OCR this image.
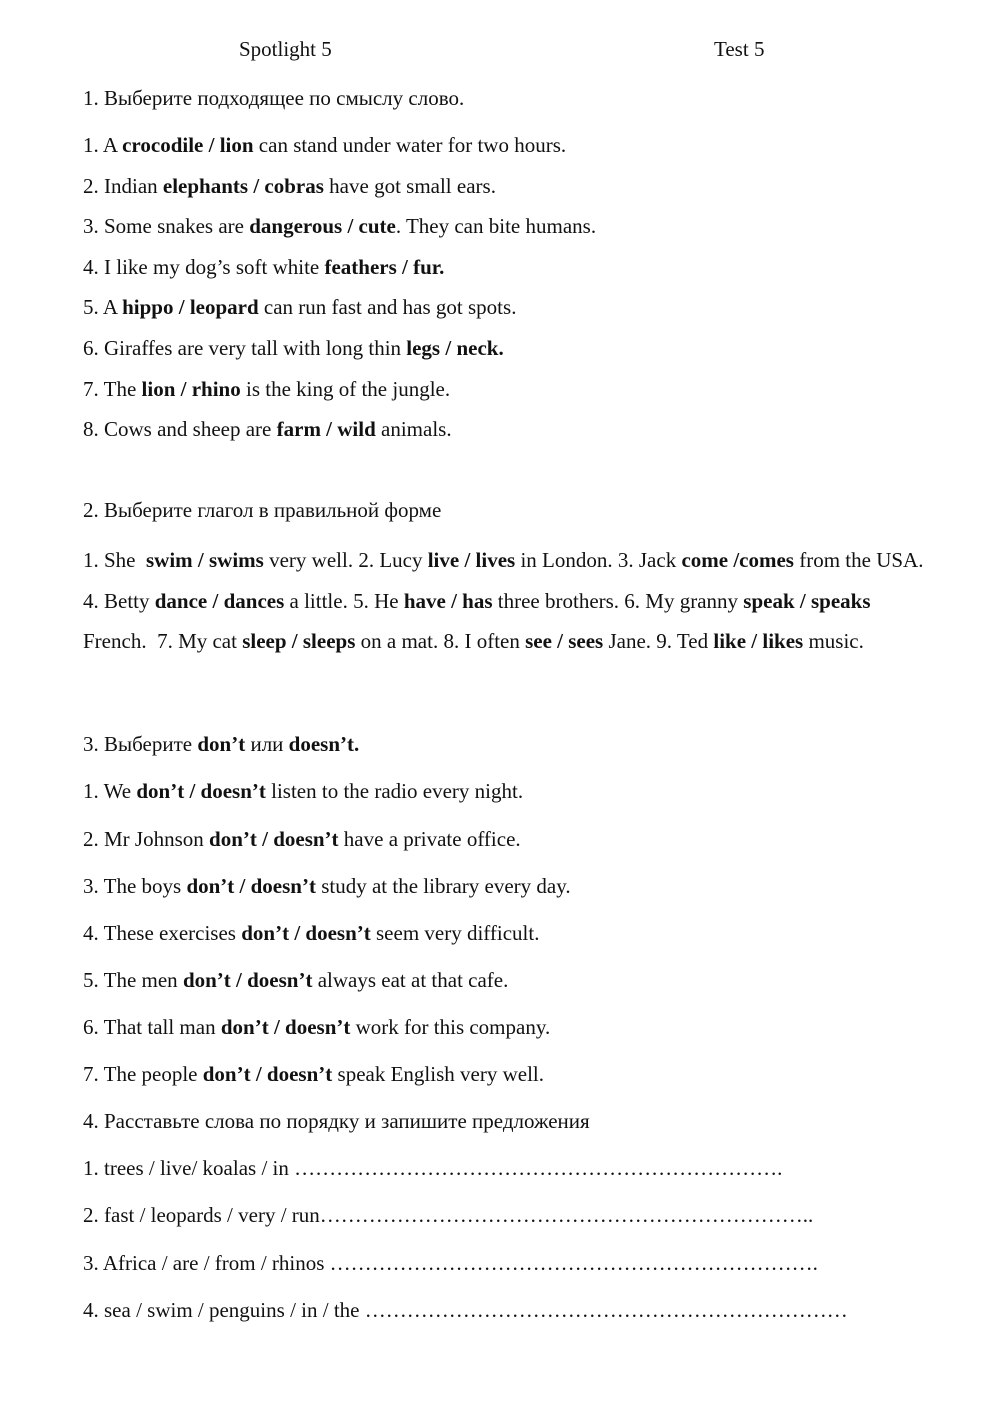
Spotlight 5	Test 5
1. Выберите подходящее по смыслу слово.
1. A crocodile / lion can stand under water for two hours.
2. Indian elephants / cobras have got small ears.
3. Some snakes are dangerous / cute. They can bite humans.
4. I like my dog’s soft white feathers / fur.
5. A hippo / leopard can run fast and has got spots.
6. Giraffes are very tall with long thin legs / neck.
7. The lion / rhino is the king of the jungle.
8. Cows and sheep are farm / wild animals.
2. Выберите глагол в правильной форме
1. She  swim / swims very well. 2. Lucy live / lives in London. 3. Jack come /comes from the USA.      4. Betty dance / dances a little. 5. He have / has three brothers. 6. My granny speak / speaks French.  7. My cat sleep / sleeps on a mat. 8. I often see / sees Jane. 9. Ted like / likes music.
3. Выберите don’t или doesn’t.
1. We don’t / doesn’t listen to the radio every night.
2. Mr Johnson don’t / doesn’t have a private office.
3. The boys don’t / doesn’t study at the library every day.
4. These exercises don’t / doesn’t seem very difficult.
5. The men don’t / doesn’t always eat at that cafe.
6. That tall man don’t / doesn’t work for this company.
7. The people don’t / doesn’t speak English very well.
4. Расставьте слова по порядку и запишите предложения
1. trees / live/ koalas / in …………………………………………………………….
2. fast / leopards / very / run……………………………………………………………..
3. Africa / are / from / rhinos …………………………………………………………….
4. sea / swim / penguins / in / the ……………………………………………………………
